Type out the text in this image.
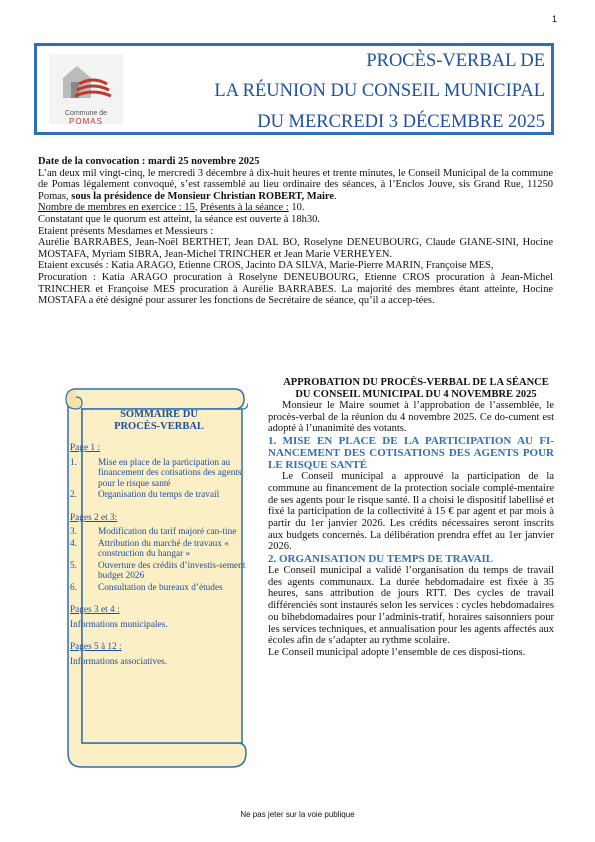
1
Commune de
POMAS
PROCÈS-VERBAL DE
LA RÉUNION DU CONSEIL MUNICIPAL
DU MERCREDI 3 DÉCEMBRE 2025

Date de la convocation : mardi 25 novembre 2025

L’an deux mil vingt-cinq, le mercredi 3 décembre à dix-huit heures et trente minutes, le Conseil Municipal de la commune de Pomas légalement convoqué, s’est rassemblé au lieu ordinaire des séances, à l’Enclos Jouve, sis Grand Rue, 11250 Pomas, sous la présidence de Monsieur Christian ROBERT, Maire.

Nombre de membres en exercice : 15, Présents à la séance : 10.

Constatant que le quorum est atteint, la séance est ouverte à 18h30.

Etaient présents Mesdames et Messieurs :

Aurélie BARRABES, Jean-Noël BERTHET, Jean DAL BO, Roselyne DENEUBOURG, Claude GIANE-SINI, Hocine MOSTAFA, Myriam SIBRA, Jean-Michel TRINCHER et Jean Marie VERHEYEN.

Etaient excusés : Katia ARAGO, Etienne CROS, Jacinto DA SILVA, Marie-Pierre MARIN, Françoise MES,

Procuration : Katia ARAGO procuration à Roselyne DENEUBOURG, Etienne CROS procuration à Jean-Michel TRINCHER et Françoise MES procuration à Aurélie BARRABES. La majorité des membres étant atteinte, Hocine MOSTAFA a été désigné pour assurer les fonctions de Secrétaire de séance, qu’il a accep-tées.

SOMMAIRE DU
PROCÈS-VERBAL
Page 1 :
1.	Mise en place de la participation au financement des cotisations des agents pour le risque santé
2.	Organisation du temps de travail
Pages 2 et 3:
3.	Modification du tarif majoré can-tine
4.	Attribution du marché de travaux « construction du hangar »
5.	Ouverture des crédits d’investis-sement budget 2026
6.	Consultation de bureaux d’études
Pages 3 et 4 :
Informations municipales.
Pages 5 à 12 :
Informations associatives.

APPROBATION DU PROCÈS-VERBAL DE LA SÉANCE DU CONSEIL MUNICIPAL DU 4 NOVEMBRE 2025

Monsieur le Maire soumet à l’approbation de l’assemblée, le procès-verbal de la réunion du 4 novembre 2025. Ce do-cument est adopté à l’unanimité des votants.

1. MISE EN PLACE DE LA PARTICIPATION AU FI-NANCEMENT DES COTISATIONS DES AGENTS POUR LE RISQUE SANTÉ

Le Conseil municipal a approuvé la participation de la commune au financement de la protection sociale complé-mentaire de ses agents pour le risque santé. Il a choisi le dispositif labellisé et fixé la participation de la collectivité à 15 € par agent et par mois à partir du 1er janvier 2026. Les crédits nécessaires seront inscrits aux budgets concernés. La délibération prendra effet au 1er janvier 2026.

2. ORGANISATION DU TEMPS DE TRAVAIL

Le Conseil municipal a validé l’organisation du temps de travail des agents communaux. La durée hebdomadaire est fixée à 35 heures, sans attribution de jours RTT. Des cycles de travail différenciés sont instaurés selon les services : cycles hebdomadaires ou bihebdomadaires pour l’adminis-tratif, horaires saisonniers pour les services techniques, et annualisation pour les agents affectés aux écoles afin de s’adapter au rythme scolaire.

Le Conseil municipal adopte l’ensemble de ces disposi-tions.

Ne pas jeter sur la voie publique
